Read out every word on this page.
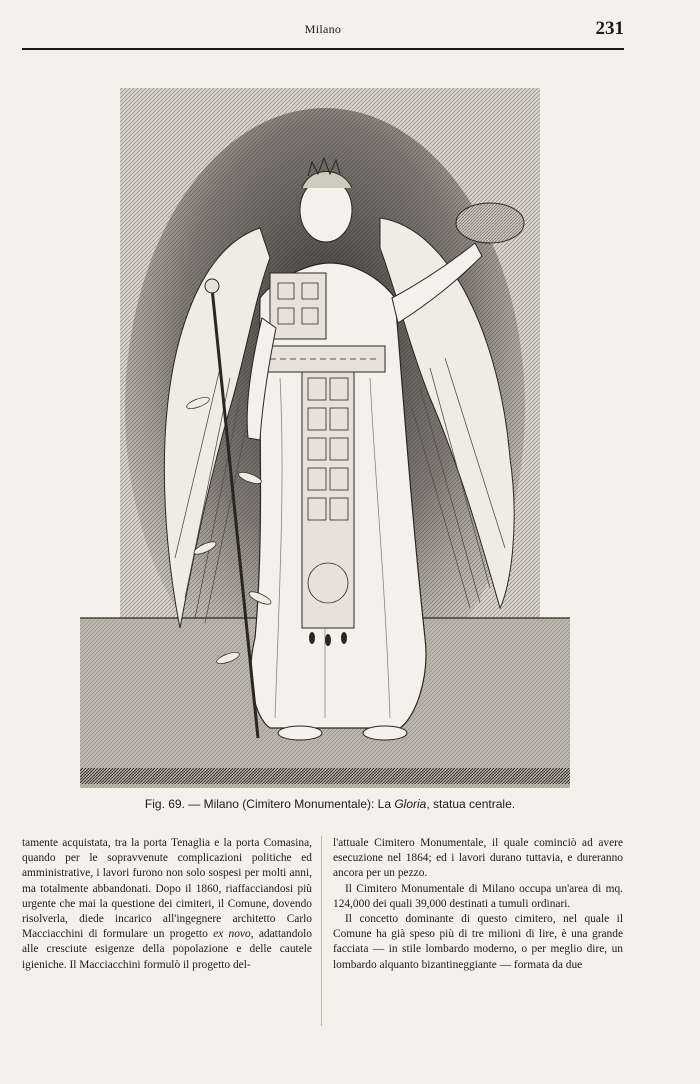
Milano	231
Fig. 69. — Milano (Cimitero Monumentale): La Gloria, statua centrale.

tamente acquistata, tra la porta Tenaglia e la porta Comasina, quando per le sopravvenute complicazioni politiche ed amministrative, i lavori furono non solo sospesi per molti anni, ma totalmente abbandonati. Dopo il 1860, riaffacciandosi più urgente che mai la questione dei cimiteri, il Comune, dovendo risolverla, diede incarico all'ingegnere architetto Carlo Macciacchini di formulare un progetto ex novo, adattandolo alle cresciute esigenze della popolazione e delle cautele igieniche. Il Macciacchini formulò il progetto del-

l'attuale Cimitero Monumentale, il quale cominciò ad avere esecuzione nel 1864; ed i lavori durano tuttavia, e dureranno ancora per un pezzo.

Il Cimitero Monumentale di Milano occupa un'area di mq. 124,000 dei quali 39,000 destinati a tumuli ordinari.

Il concetto dominante di questo cimitero, nel quale il Comune ha già speso più di tre milioni di lire, è una grande facciata — in stile lombardo moderno, o per meglio dire, un lombardo alquanto bizantineggiante — formata da due
